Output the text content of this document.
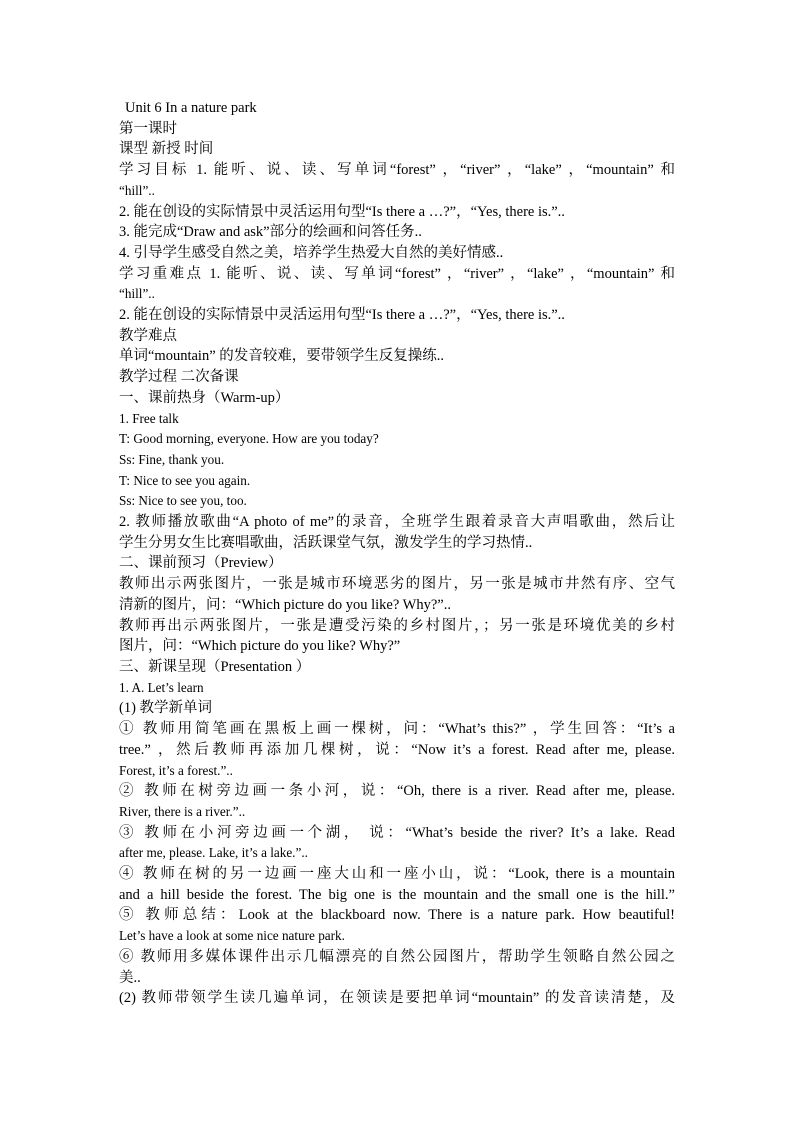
Unit 6 In a nature park
第一课时
课型 新授 时间
学习目标 1. 能听、说、读、写单词“forest” ，“river” ，“lake” ，“mountain” 和
“hill”..
2. 能在创设的实际情景中灵活运用句型“Is there a …?”，“Yes, there is.”..
3. 能完成“Draw and ask”部分的绘画和问答任务..
4. 引导学生感受自然之美，培养学生热爱大自然的美好情感..
学习重难点 1. 能听、说、读、写单词“forest” ，“river” ，“lake” ，“mountain” 和
“hill”..
2. 能在创设的实际情景中灵活运用句型“Is there a …?”，“Yes, there is.”..
教学难点
单词“mountain” 的发音较难，要带领学生反复操练..
教学过程 二次备课
一、课前热身（Warm-up）
1. Free talk
T: Good morning, everyone. How are you today?
Ss: Fine, thank you.
T: Nice to see you again.
Ss: Nice to see you, too.
2. 教师播放歌曲“A photo of me”的录音，全班学生跟着录音大声唱歌曲，然后让
学生分男女生比赛唱歌曲，活跃课堂气氛，激发学生的学习热情..
二、课前预习（Preview）
教师出示两张图片，一张是城市环境恶劣的图片，另一张是城市井然有序、空气
清新的图片，问：“Which picture do you like? Why?”..
教师再出示两张图片，一张是遭受污染的乡村图片，；另一张是环境优美的乡村
图片，问：“Which picture do you like? Why?”
三、新课呈现（Presentation ）
1. A. Let’s learn
(1) 教学新单词
① 教师用简笔画在黑板上画一棵树，问：“What’s this?” ，学生回答：“It’s a
tree.” ，然后教师再添加几棵树，说：“Now it’s a forest. Read after me, please.
Forest, it’s a forest.”..
② 教师在树旁边画一条小河，说：“Oh, there is a river. Read after me, please.
River, there is a river.”..
③ 教师在小河旁边画一个湖， 说：“What’s beside the river? It’s a lake. Read
after me, please. Lake, it’s a lake.”..
④ 教师在树的另一边画一座大山和一座小山，说：“Look, there is a mountain
and a hill beside the forest. The big one is the mountain and the small one is the hill.”
⑤ 教师总结：Look at the blackboard now. There is a nature park. How beautiful!
Let’s have a look at some nice nature park.
⑥ 教师用多媒体课件出示几幅漂亮的自然公园图片，帮助学生领略自然公园之
美..
(2) 教师带领学生读几遍单词，在领读是要把单词“mountain” 的发音读清楚，及
